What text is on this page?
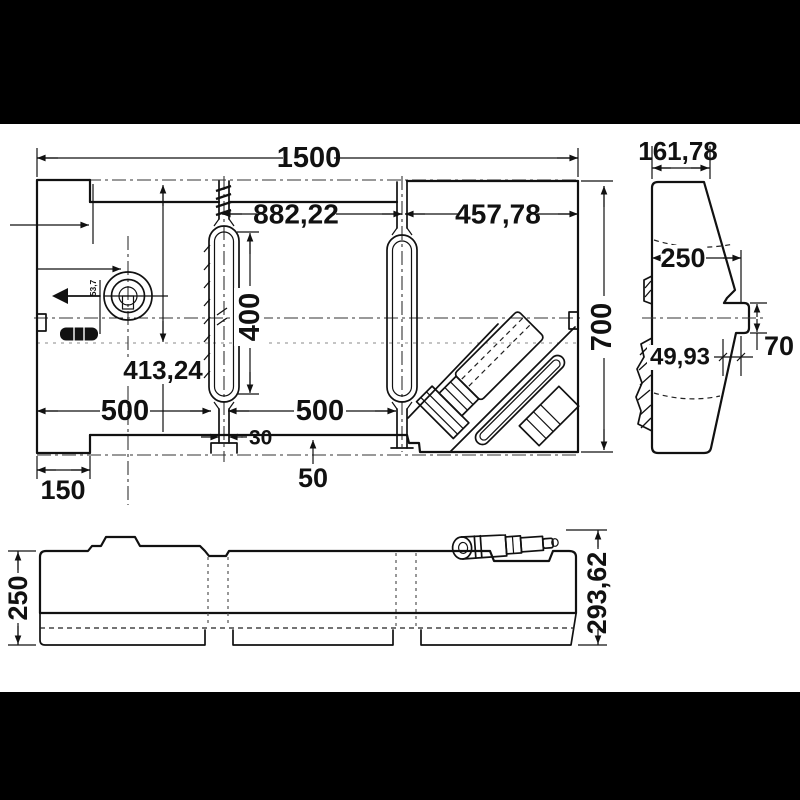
53,7
1500
882,22	457,78
400
413,24
500	500
30
50
150
700
161,78
250
70
49,93
250	293,62
